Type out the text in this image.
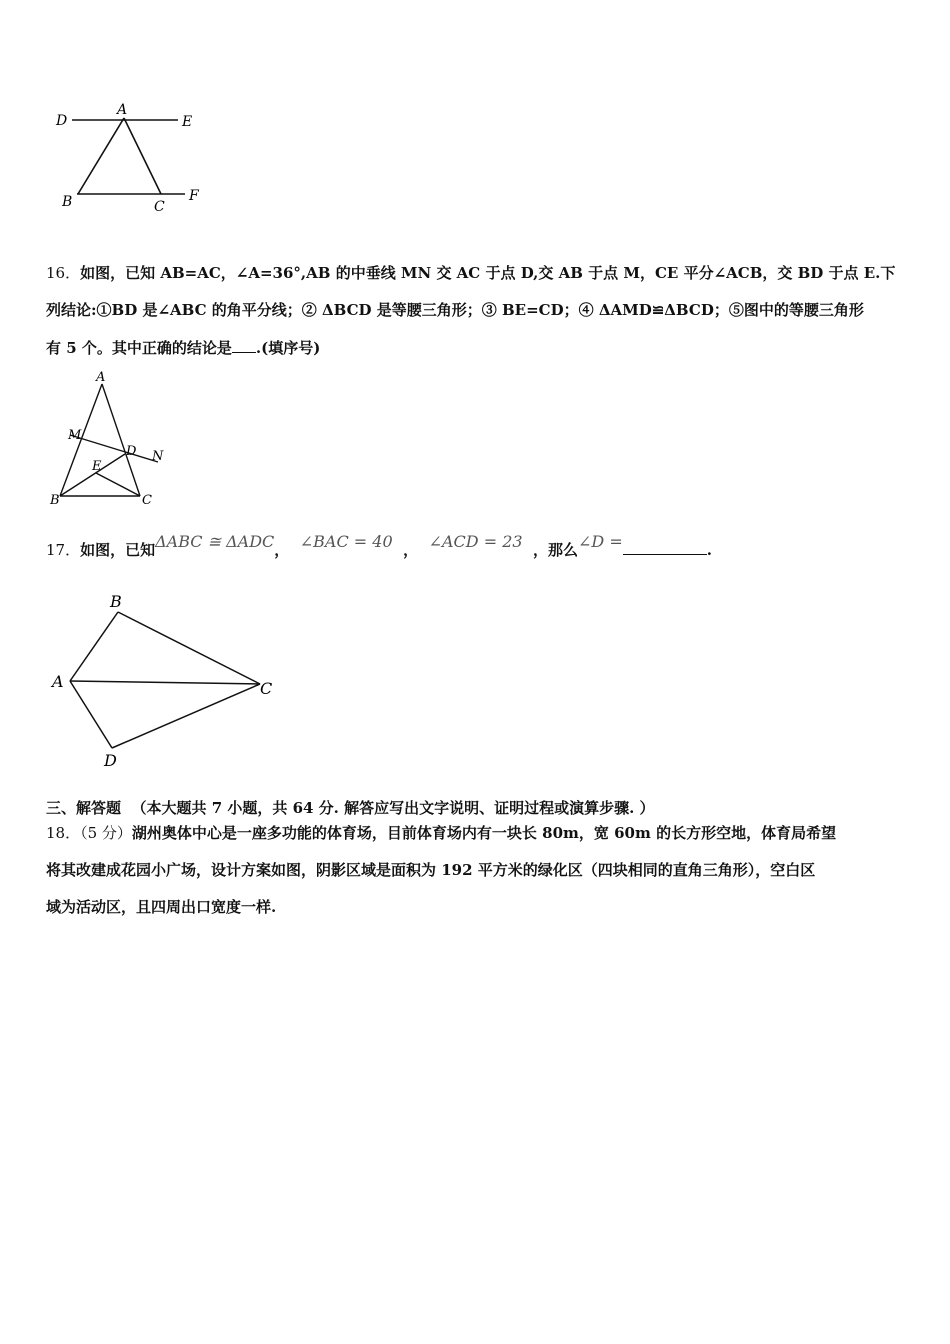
D
A
E
B	C
F
16．如图，已知 AB=AC，∠A=36°,AB 的中垂线 MN 交 AC 于点 D,交 AB 于点 M，CE 平分∠ACB，交 BD 于点 E.下
列结论:①BD 是∠ABC 的角平分线；② ΔBCD 是等腰三角形；③ BE=CD；④ ΔAMD≌ΔBCD；⑤图中的等腰三角形
有 5 个。其中正确的结论是 .(填序号)
A
M
D N
E
B	C
17．如图，已知ΔABC ≅ ΔADC， ∠BAC = 40 ， ∠ACD = 23 ，那么∠D =	.
A
B
C
D
三、解答题 （本大题共 7 小题，共 64 分. 解答应写出文字说明、证明过程或演算步骤. ）
18．（5 分）湖州奥体中心是一座多功能的体育场，目前体育场内有一块长 80m，宽 60m 的长方形空地，体育局希望
将其改建成花园小广场，设计方案如图，阴影区域是面积为 192 平方米的绿化区（四块相同的直角三角形），空白区
域为活动区，且四周出口宽度一样.
